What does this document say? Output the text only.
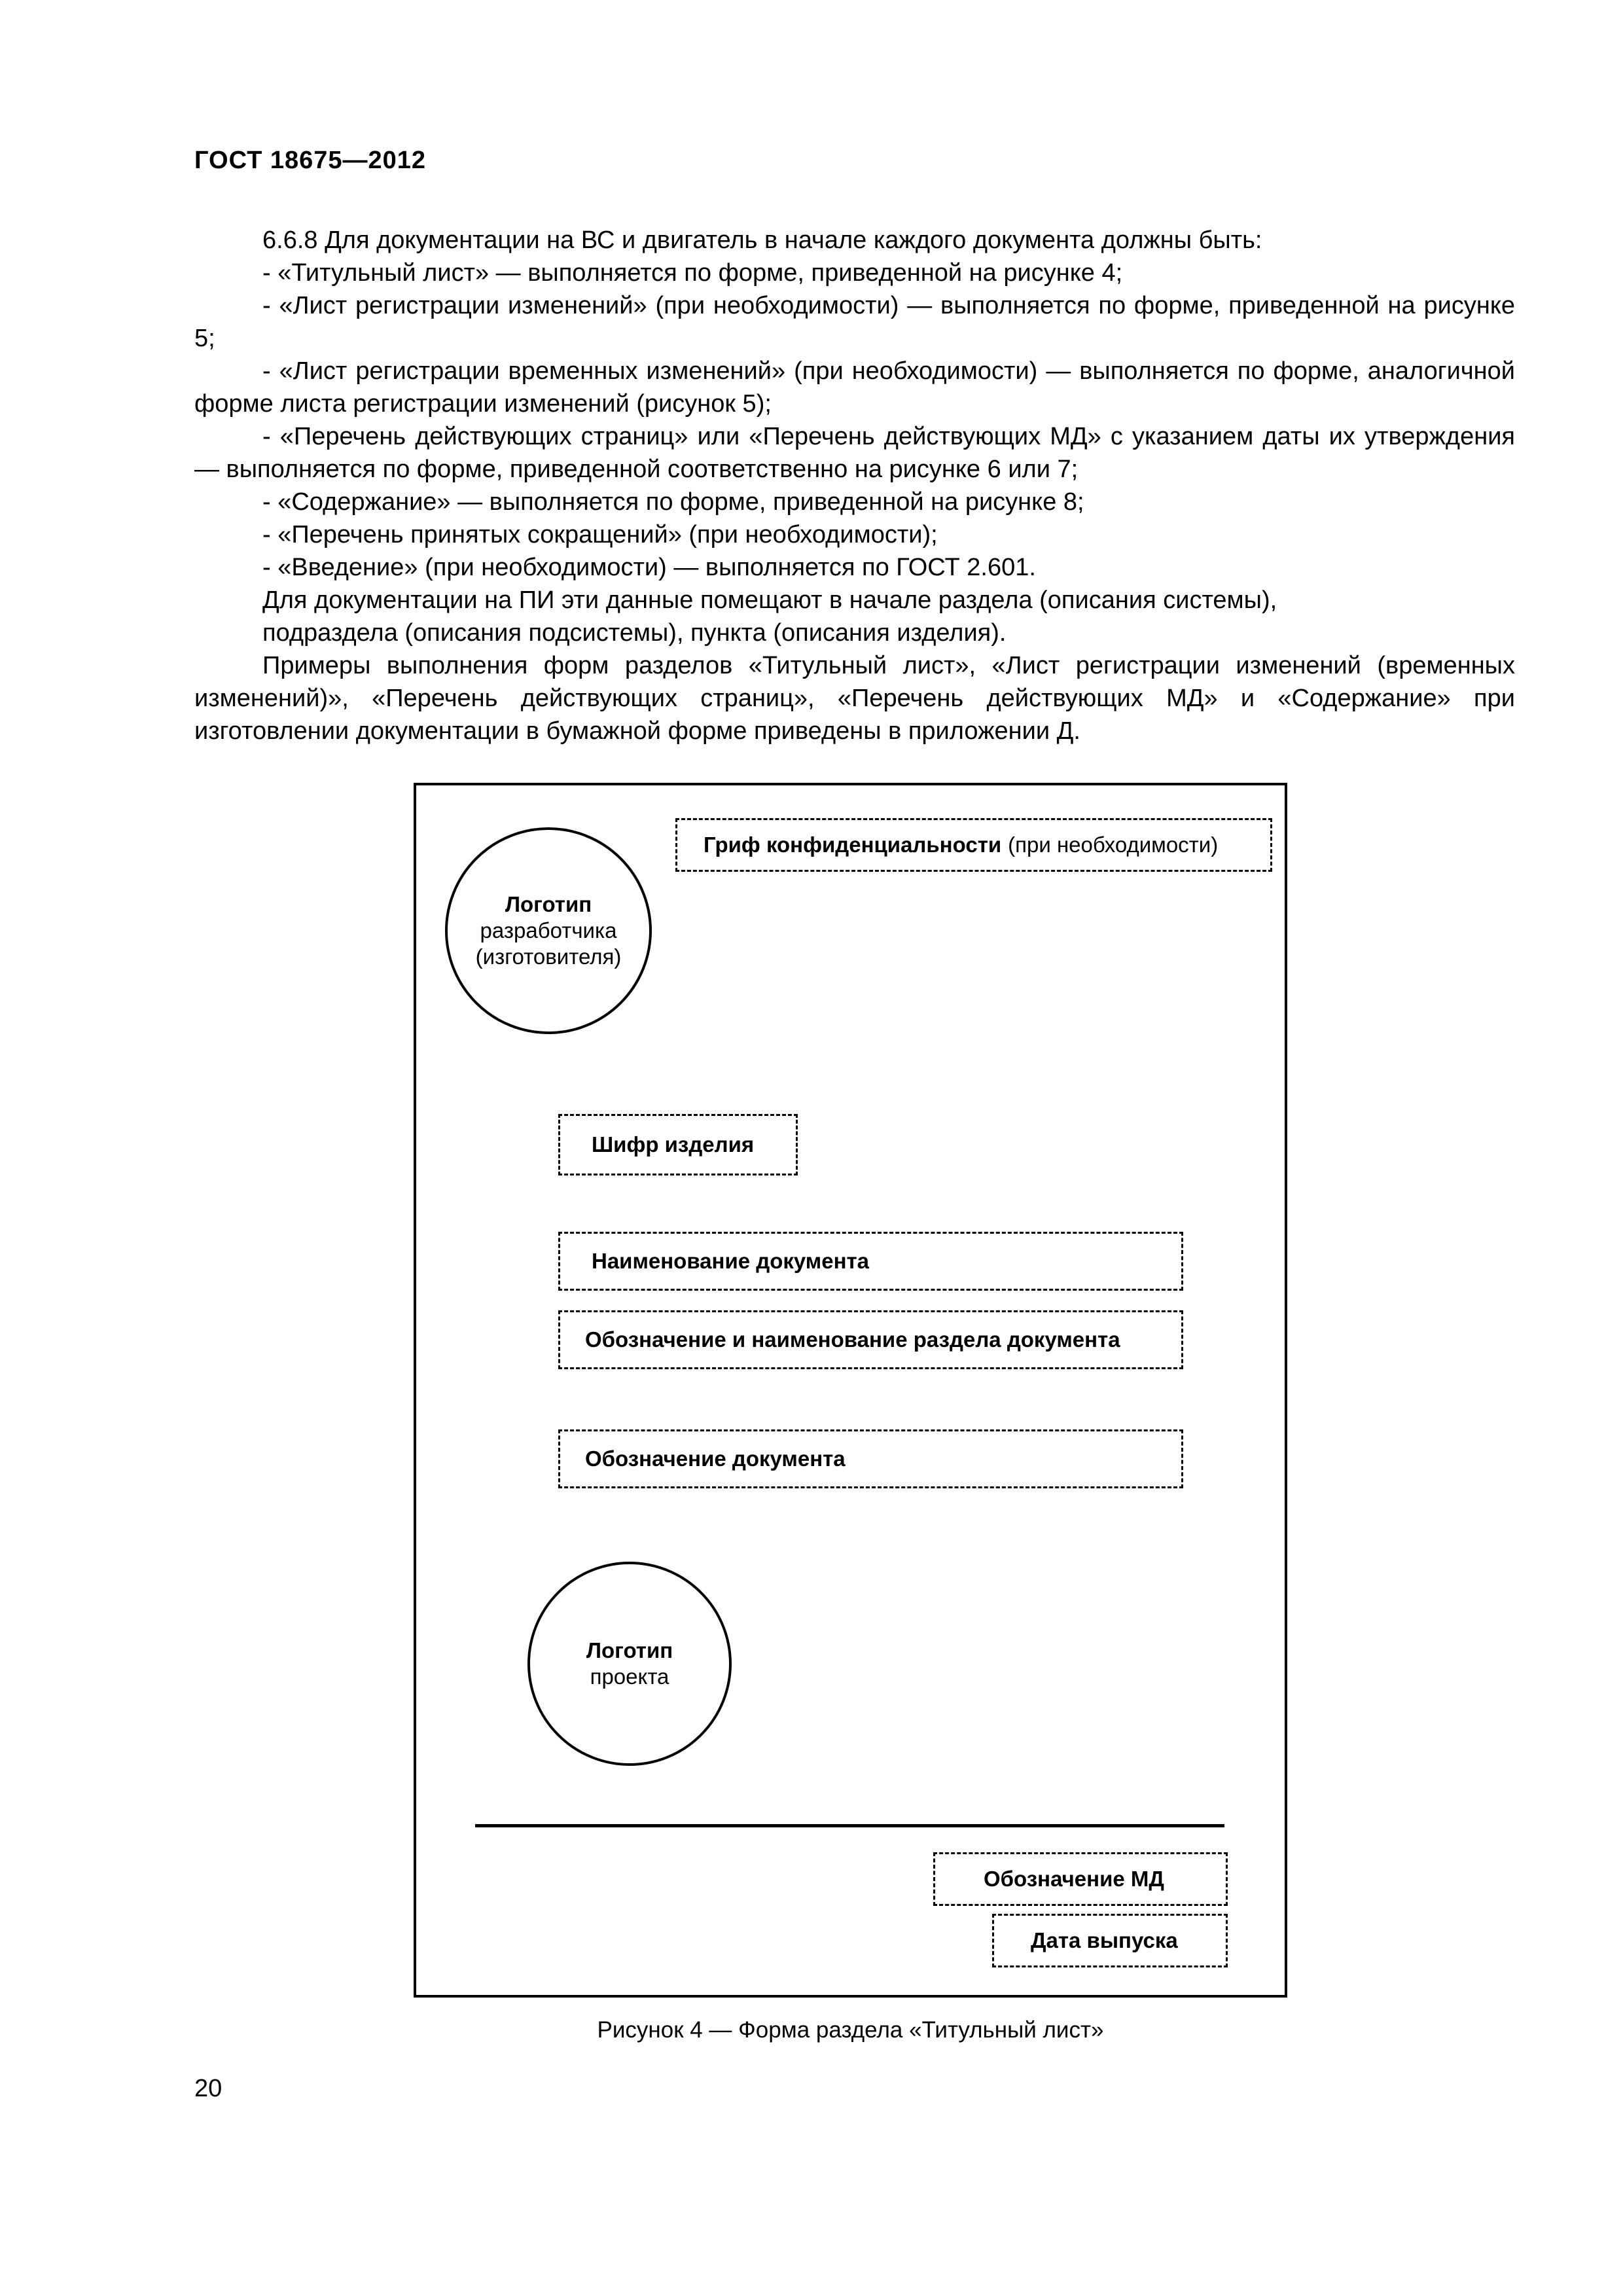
ГОСТ 18675—2012

6.6.8 Для документации на ВС и двигатель в начале каждого документа должны быть:

- «Титульный лист» — выполняется по форме, приведенной на рисунке 4;

- «Лист регистрации изменений» (при необходимости) — выполняется по форме, приведенной на рисунке 5;

- «Лист регистрации временных изменений» (при необходимости) — выполняется по форме, аналогичной форме листа регистрации изменений (рисунок 5);

- «Перечень действующих страниц» или «Перечень действующих МД» с указанием даты их утверждения — выполняется по форме, приведенной соответственно на рисунке 6 или 7;

- «Содержание» — выполняется по форме, приведенной на рисунке 8;

- «Перечень принятых сокращений» (при необходимости);

- «Введение» (при необходимости) — выполняется по ГОСТ 2.601.

Для документации на ПИ эти данные помещают в начале раздела (описания системы),

подраздела (описания подсистемы), пункта (описания изделия).

Примеры выполнения форм разделов «Титульный лист», «Лист регистрации изменений (временных изменений)», «Перечень действующих страниц», «Перечень действующих МД» и «Содержание» при изготовлении документации в бумажной форме приведены в приложении Д.

Гриф конфиденциальности (при необходимости)
Логотип
разработчика
(изготовителя)
Шифр изделия
Наименование документа
Обозначение и наименование раздела документа
Обозначение документа
Логотип
проекта
Обозначение МД
Дата выпуска
Рисунок 4 — Форма раздела «Титульный лист»
20
